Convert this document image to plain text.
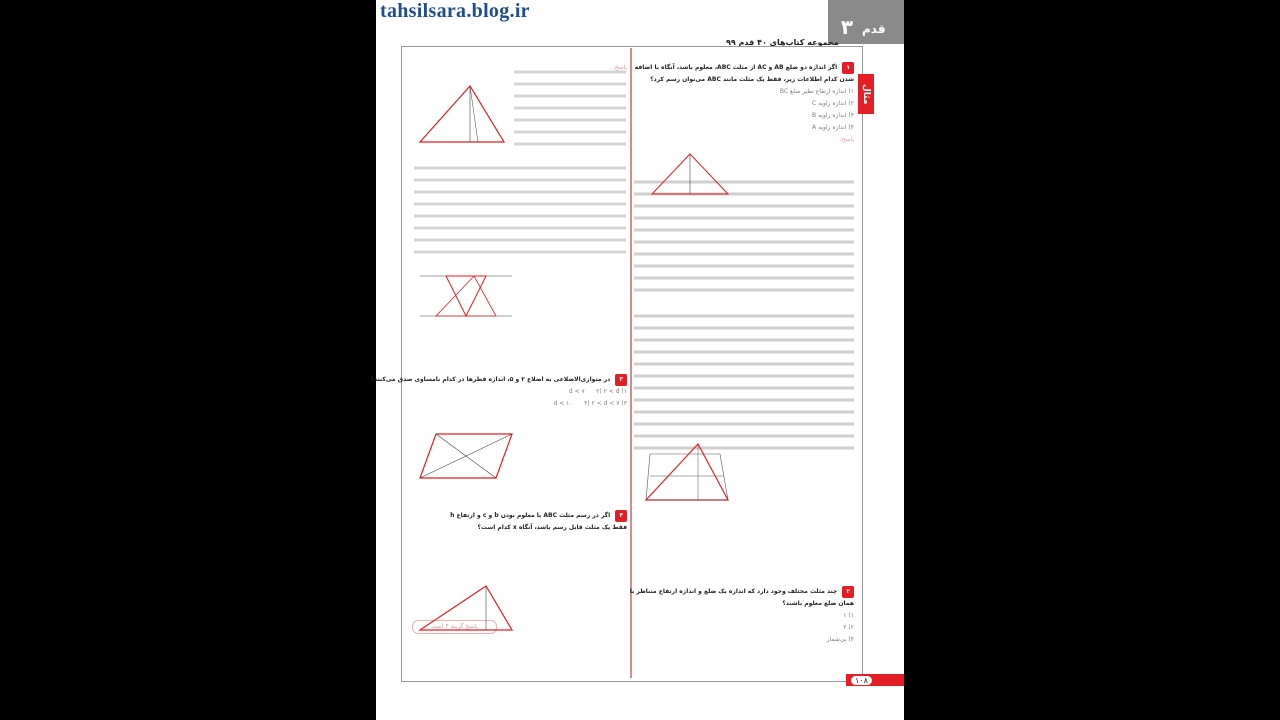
tahsilsara.blog.ir
۳ قدم
مجموعه کتاب‌های ۴۰ قدم ۹۹
مثال
۱ اگر اندازه دو ضلع AB و AC از مثلث ABC، معلوم باشد، آنگاه با اضافه
شدن کدام اطلاعات زیر، فقط یک مثلث مانند ABC می‌توان رسم کرد؟
۱) اندازه ارتفاع نظیر ضلع BC
۲) اندازه زاویه C
۳) اندازه زاویه B
۴) اندازه زاویه A
پاسخ:
۲ چند مثلث مختلف وجود دارد که اندازه یک ضلع و اندازه ارتفاع متناظر با
همان ضلع معلوم باشند؟
۱) ۱
۲) ۲
۴) بی‌شمار
پاسخ:
۳ در متوازی‌الاضلاعی به اضلاع ۲ و ۵، اندازه قطرها در کدام نامساوی صدق می‌کنند؟
۱) d < ۷      ۲) ۲ < d
۳) d < ۱۰      ۴) ۲ < d < ۷
۴ اگر در رسم مثلث ABC با معلوم بودن b و c و ارتفاع h
فقط یک مثلث قابل رسم باشد، آنگاه x کدام است؟
پاسخ گزینه ۴ است
۱۰۸
